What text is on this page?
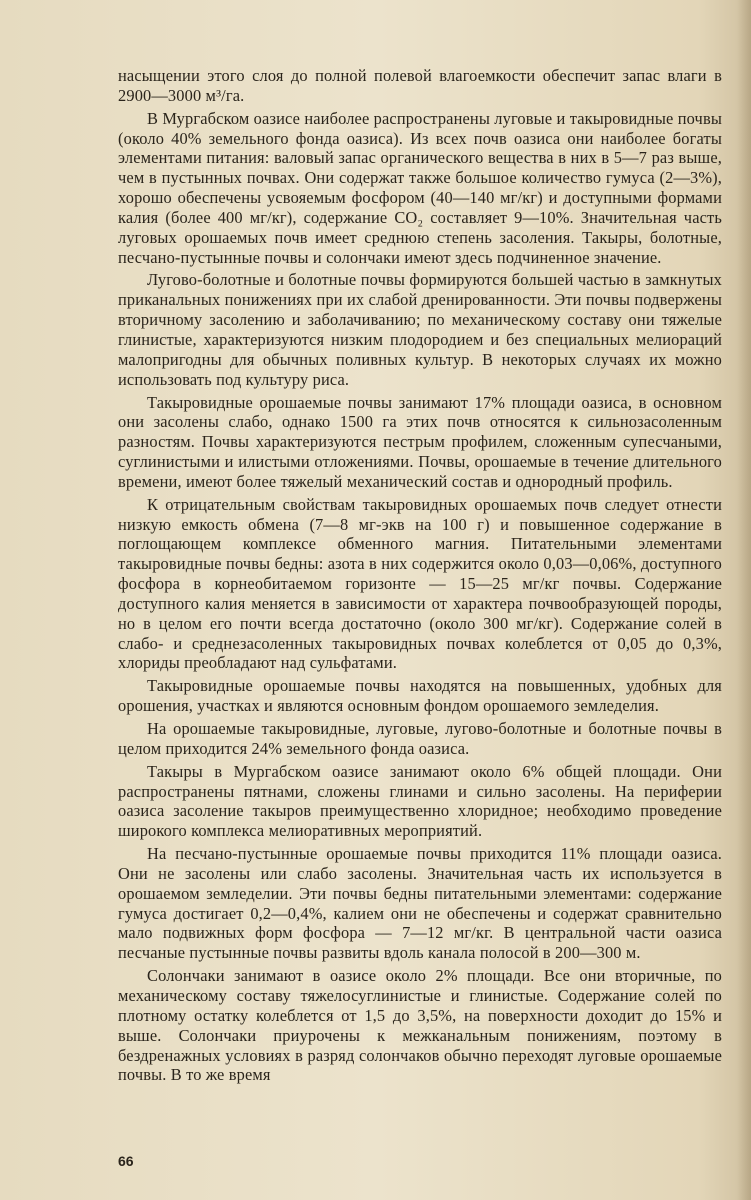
насыщении этого слоя до полной полевой влагоемкости обеспечит запас влаги в 2900—3000 м³/га.

В Мургабском оазисе наиболее распространены луговые и такыровидные почвы (около 40% земельного фонда оазиса). Из всех почв оазиса они наиболее богаты элементами питания: валовый запас органического вещества в них в 5—7 раз выше, чем в пустынных почвах. Они содержат также большое количество гумуса (2—3%), хорошо обеспечены усвояемым фосфором (40—140 мг/кг) и доступными формами калия (более 400 мг/кг), содержание CO₂ составляет 9—10%. Значительная часть луговых орошаемых почв имеет среднюю степень засоления. Такыры, болотные, песчано-пустынные почвы и солончаки имеют здесь подчиненное значение.

Лугово-болотные и болотные почвы формируются большей частью в замкнутых приканальных понижениях при их слабой дренированности. Эти почвы подвержены вторичному засолению и заболачиванию; по механическому составу они тяжелые глинистые, характеризуются низким плодородием и без специальных мелиораций малопригодны для обычных поливных культур. В некоторых случаях их можно использовать под культуру риса.

Такыровидные орошаемые почвы занимают 17% площади оазиса, в основном они засолены слабо, однако 1500 га этих почв относятся к сильнозасоленным разностям. Почвы характеризуются пестрым профилем, сложенным супесчаными, суглинистыми и илистыми отложениями. Почвы, орошаемые в течение длительного времени, имеют более тяжелый механический состав и однородный профиль.

К отрицательным свойствам такыровидных орошаемых почв следует отнести низкую емкость обмена (7—8 мг-экв на 100 г) и повышенное содержание в поглощающем комплексе обменного магния. Питательными элементами такыровидные почвы бедны: азота в них содержится около 0,03—0,06%, доступного фосфора в корнеобитаемом горизонте — 15—25 мг/кг почвы. Содержание доступного калия меняется в зависимости от характера почвообразующей породы, но в целом его почти всегда достаточно (около 300 мг/кг). Содержание солей в слабо- и среднезасоленных такыровидных почвах колеблется от 0,05 до 0,3%, хлориды преобладают над сульфатами.

Такыровидные орошаемые почвы находятся на повышенных, удобных для орошения, участках и являются основным фондом орошаемого земледелия.

На орошаемые такыровидные, луговые, лугово-болотные и болотные почвы в целом приходится 24% земельного фонда оазиса.

Такыры в Мургабском оазисе занимают около 6% общей площади. Они распространены пятнами, сложены глинами и сильно засолены. На периферии оазиса засоление такыров преимущественно хлоридное; необходимо проведение широкого комплекса мелиоративных мероприятий.

На песчано-пустынные орошаемые почвы приходится 11% площади оазиса. Они не засолены или слабо засолены. Значительная часть их используется в орошаемом земледелии. Эти почвы бедны питательными элементами: содержание гумуса достигает 0,2—0,4%, калием они не обеспечены и содержат сравнительно мало подвижных форм фосфора — 7—12 мг/кг. В центральной части оазиса песчаные пустынные почвы развиты вдоль канала полосой в 200—300 м.

Солончаки занимают в оазисе около 2% площади. Все они вторичные, по механическому составу тяжелосуглинистые и глинистые. Содержание солей по плотному остатку колеблется от 1,5 до 3,5%, на поверхности доходит до 15% и выше. Солончаки приурочены к межканальным понижениям, поэтому в бездренажных условиях в разряд солончаков обычно переходят луговые орошаемые почвы. В то же время

66
